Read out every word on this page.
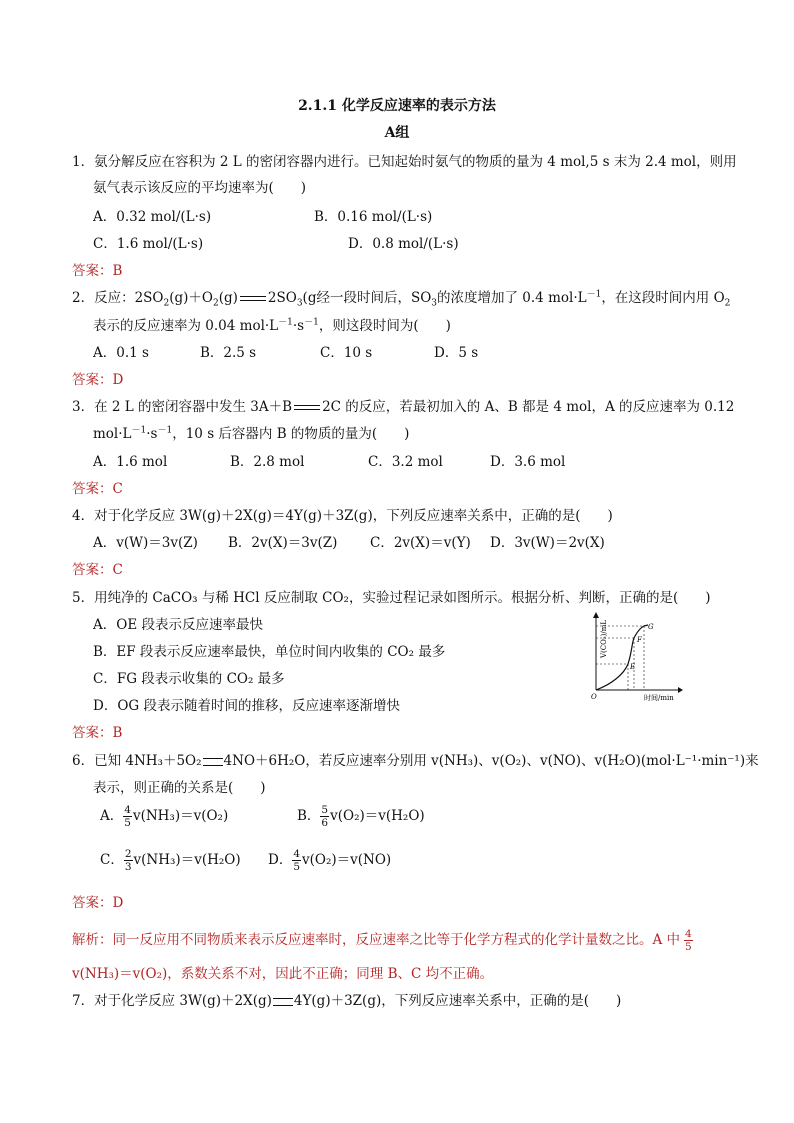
2.1.1 化学反应速率的表示方法
A组
1．氨分解反应在容积为 2 L 的密闭容器内进行。已知起始时氨气的物质的量为 4 mol,5 s 末为 2.4 mol，则用
氨气表示该反应的平均速率为(　　)
A．0.32 mol/(L·s)	B．0.16 mol/(L·s)
C．1.6 mol/(L·s)	D．0.8 mol/(L·s)
答案：B
2．反应：$2SO_2(g)+O_2(g)$ $2SO_3(g$经一段时间后，$SO_3$的浓度增加了 0.4 $mol\cdot L^{-1}$，在这段时间内用 $O_2$
表示的反应速率为 0.04 $mol\cdot L^{-1}\cdot s^{-1}$，则这段时间为(　　)
A．0.1 s	B．2.5 s	C．10 s	D．5 s
答案：D
3．在 2 L 的密闭容器中发生 3A＋B 2C 的反应，若最初加入的 A、B 都是 4 mol，A 的反应速率为 0.12
$mol\cdot L^{-1}\cdot s^{-1}$，10 s 后容器内 B 的物质的量为(　　)
A．1.6 mol	B．2.8 mol	C．3.2 mol	D．3.6 mol
答案：C
4．对于化学反应 3W(g)＋2X(g)＝4Y(g)＋3Z(g)，下列反应速率关系中，正确的是(　　)
A．v(W)＝3v(Z) B．2v(X)＝3v(Z) C．2v(X)＝v(Y) D．3v(W)＝2v(X)
答案：C
5．用纯净的 CaCO₃ 与稀 HCl 反应制取 CO₂，实验过程记录如图所示。根据分析、判断，正确的是(　　)
A．OE 段表示反应速率最快
B．EF 段表示反应速率最快，单位时间内收集的 CO₂ 最多
C．FG 段表示收集的 CO₂ 最多
D．OG 段表示随着时间的推移，反应速率逐渐增快
答案：B
V(CO₂)/mL
时间/min
O
E
F
G
6．已知 4NH₃＋5O₂ 4NO＋6H₂O，若反应速率分别用 v(NH₃)、v(O₂)、v(NO)、v(H₂O)(mol·L⁻¹·min⁻¹)来
表示，则正确的关系是(　　)
A． $\frac{4}{5} v(NH_3)=v(O_2)$	B． $\frac{5}{6} v(O_2)=v(H_2O)$
C． $\frac{2}{3} v(NH_3)=v(H_2O)$ D． $\frac{4}{5} v(O_2)=v(NO)$
答案：D
解析：同一反应用不同物质来表示反应速率时，反应速率之比等于化学方程式的化学计量数之比。A 中 $\frac{4}{5}$
v(NH₃)＝v(O₂)，系数关系不对，因此不正确；同理 B、C 均不正确。
7．对于化学反应 3W(g)＋2X(g) 4Y(g)＋3Z(g)，下列反应速率关系中，正确的是(　　)
